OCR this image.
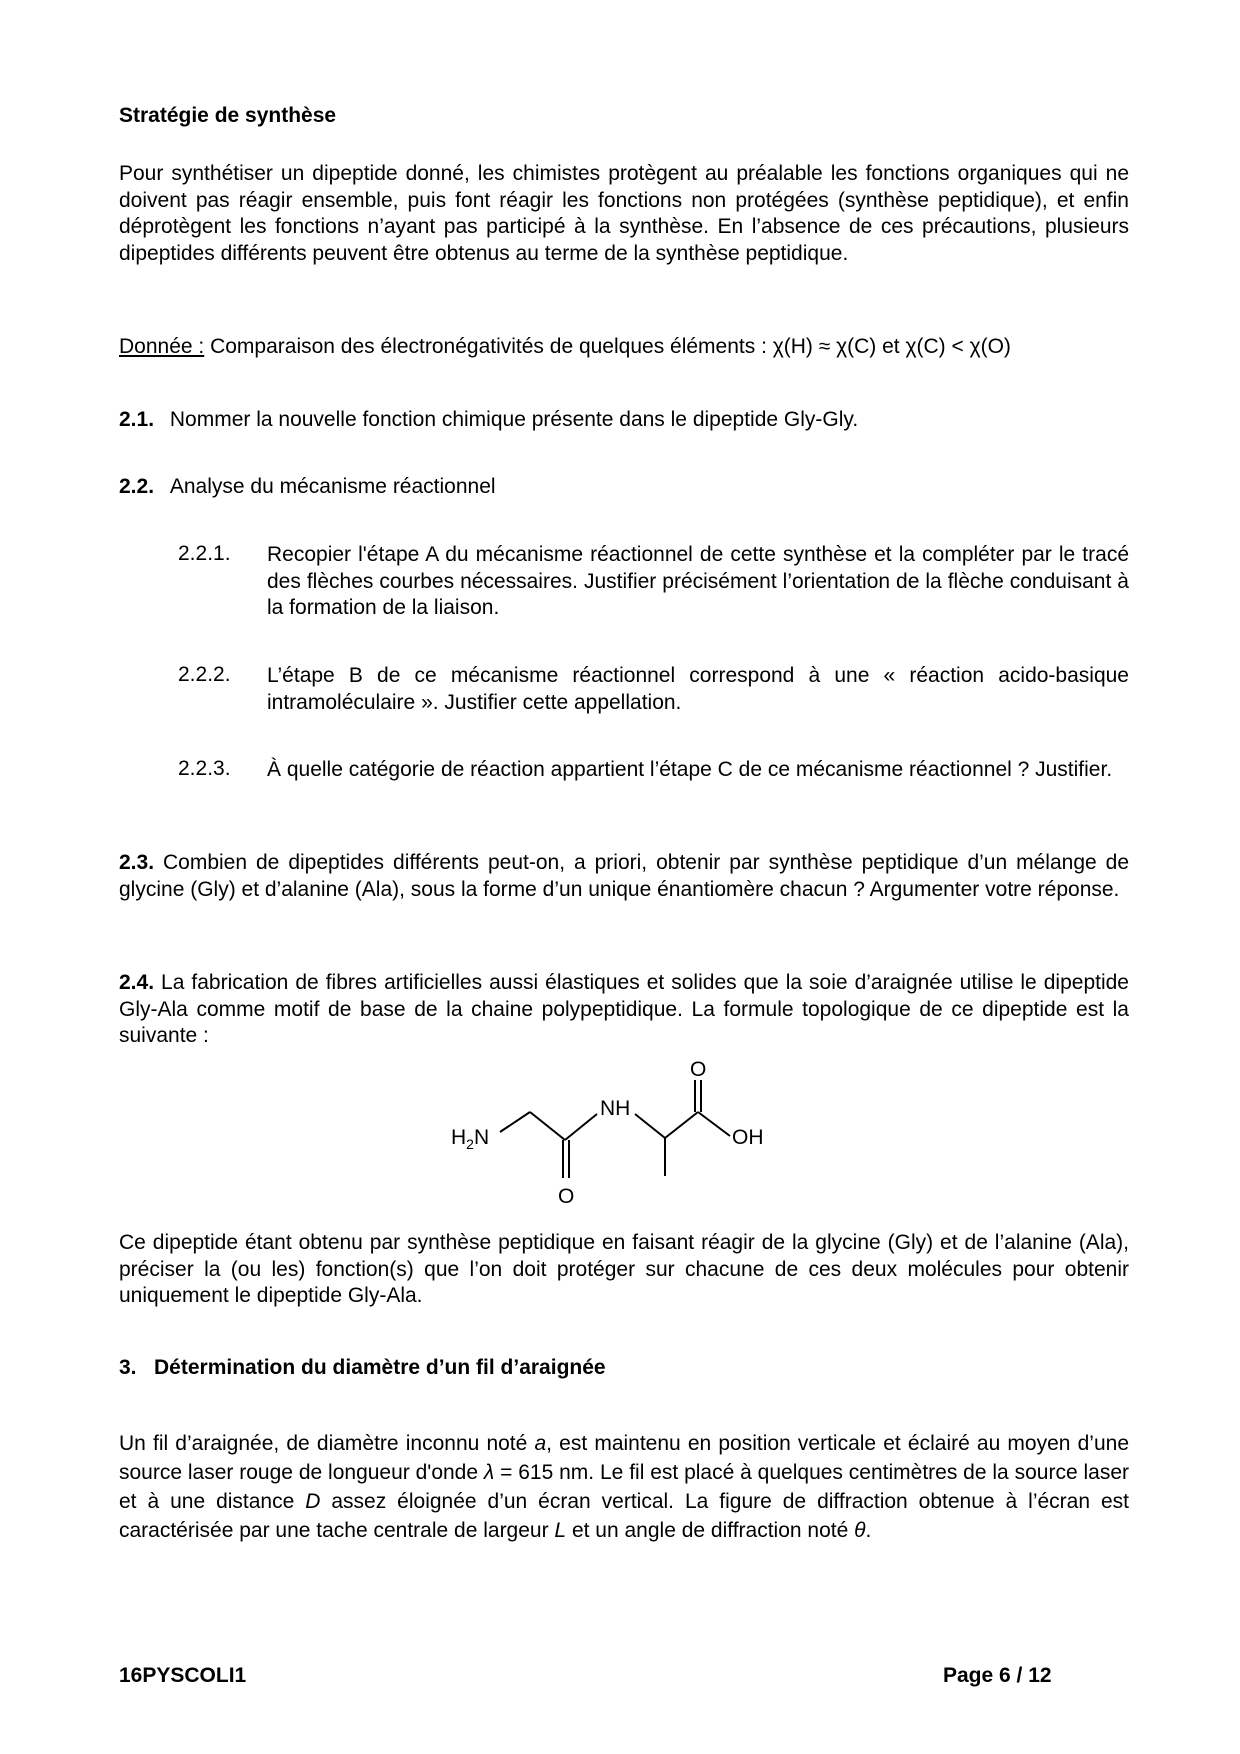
Stratégie de synthèse
Pour synthétiser un dipeptide donné, les chimistes protègent au préalable les fonctions organiques qui ne doivent pas réagir ensemble, puis font réagir les fonctions non protégées (synthèse peptidique), et enfin déprotègent les fonctions n’ayant pas participé à la synthèse. En l’absence de ces précautions, plusieurs dipeptides différents peuvent être obtenus au terme de la synthèse peptidique.
Donnée : Comparaison des électronégativités de quelques éléments : χ(H) ≈ χ(C) et χ(C) < χ(O)
2.1. Nommer la nouvelle fonction chimique présente dans le dipeptide Gly-Gly.
2.2. Analyse du mécanisme réactionnel
2.2.1. Recopier l'étape A du mécanisme réactionnel de cette synthèse et la compléter par le tracé des flèches courbes nécessaires. Justifier précisément l’orientation de la flèche conduisant à la formation de la liaison.
2.2.2. L’étape B de ce mécanisme réactionnel correspond à une « réaction acido-basique intramoléculaire ». Justifier cette appellation.
2.2.3. À quelle catégorie de réaction appartient l’étape C de ce mécanisme réactionnel ? Justifier.
2.3. Combien de dipeptides différents peut-on, a priori, obtenir par synthèse peptidique d’un mélange de glycine (Gly) et d’alanine (Ala), sous la forme d’un unique énantiomère chacun ? Argumenter votre réponse.
2.4. La fabrication de fibres artificielles aussi élastiques et solides que la soie d’araignée utilise le dipeptide Gly-Ala comme motif de base de la chaine polypeptidique. La formule topologique de ce dipeptide est la suivante :
$H_2N$
NH
O
O
OH
Ce dipeptide étant obtenu par synthèse peptidique en faisant réagir de la glycine (Gly) et de l’alanine (Ala), préciser la (ou les) fonction(s) que l’on doit protéger sur chacune de ces deux molécules pour obtenir uniquement le dipeptide Gly-Ala.
3.   Détermination du diamètre d’un fil d’araignée
Un fil d’araignée, de diamètre inconnu noté a, est maintenu en position verticale et éclairé au moyen d’une source laser rouge de longueur d'onde λ = 615 nm. Le fil est placé à quelques centimètres de la source laser et à une distance D assez éloignée d’un écran vertical. La figure de diffraction obtenue à l’écran est caractérisée par une tache centrale de largeur L et un angle de diffraction noté θ.
16PYSCOLI1	Page 6 / 12
